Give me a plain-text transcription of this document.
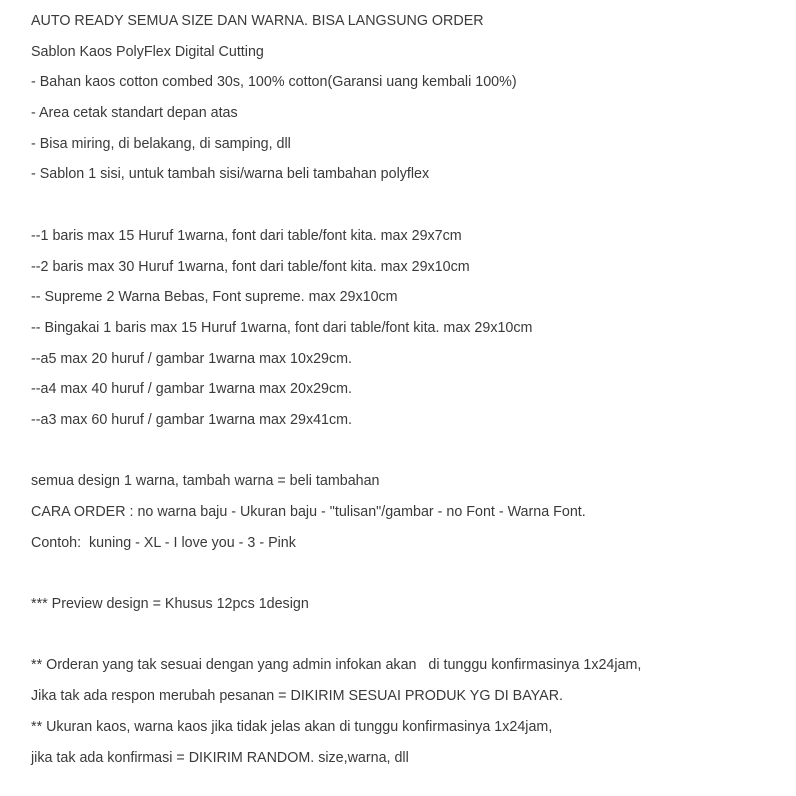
AUTO READY SEMUA SIZE DAN WARNA. BISA LANGSUNG ORDER
Sablon Kaos PolyFlex Digital Cutting
- Bahan kaos cotton combed 30s, 100% cotton(Garansi uang kembali 100%)
- Area cetak standart depan atas
- Bisa miring, di belakang, di samping, dll
- Sablon 1 sisi, untuk tambah sisi/warna beli tambahan polyflex
--1 baris max 15 Huruf 1warna, font dari table/font kita. max 29x7cm
--2 baris max 30 Huruf 1warna, font dari table/font kita. max 29x10cm
-- Supreme 2 Warna Bebas, Font supreme. max 29x10cm
-- Bingakai 1 baris max 15 Huruf 1warna, font dari table/font kita. max 29x10cm
--a5 max 20 huruf / gambar 1warna max 10x29cm.
--a4 max 40 huruf / gambar 1warna max 20x29cm.
--a3 max 60 huruf / gambar 1warna max 29x41cm.
semua design 1 warna, tambah warna = beli tambahan
CARA ORDER : no warna baju - Ukuran baju - "tulisan"/gambar - no Font - Warna Font.
Contoh:  kuning - XL - I love you - 3 - Pink
*** Preview design = Khusus 12pcs 1design
** Orderan yang tak sesuai dengan yang admin infokan akan   di tunggu konfirmasinya 1x24jam,
Jika tak ada respon merubah pesanan = DIKIRIM SESUAI PRODUK YG DI BAYAR.
** Ukuran kaos, warna kaos jika tidak jelas akan di tunggu konfirmasinya 1x24jam,
jika tak ada konfirmasi = DIKIRIM RANDOM. size,warna, dll
